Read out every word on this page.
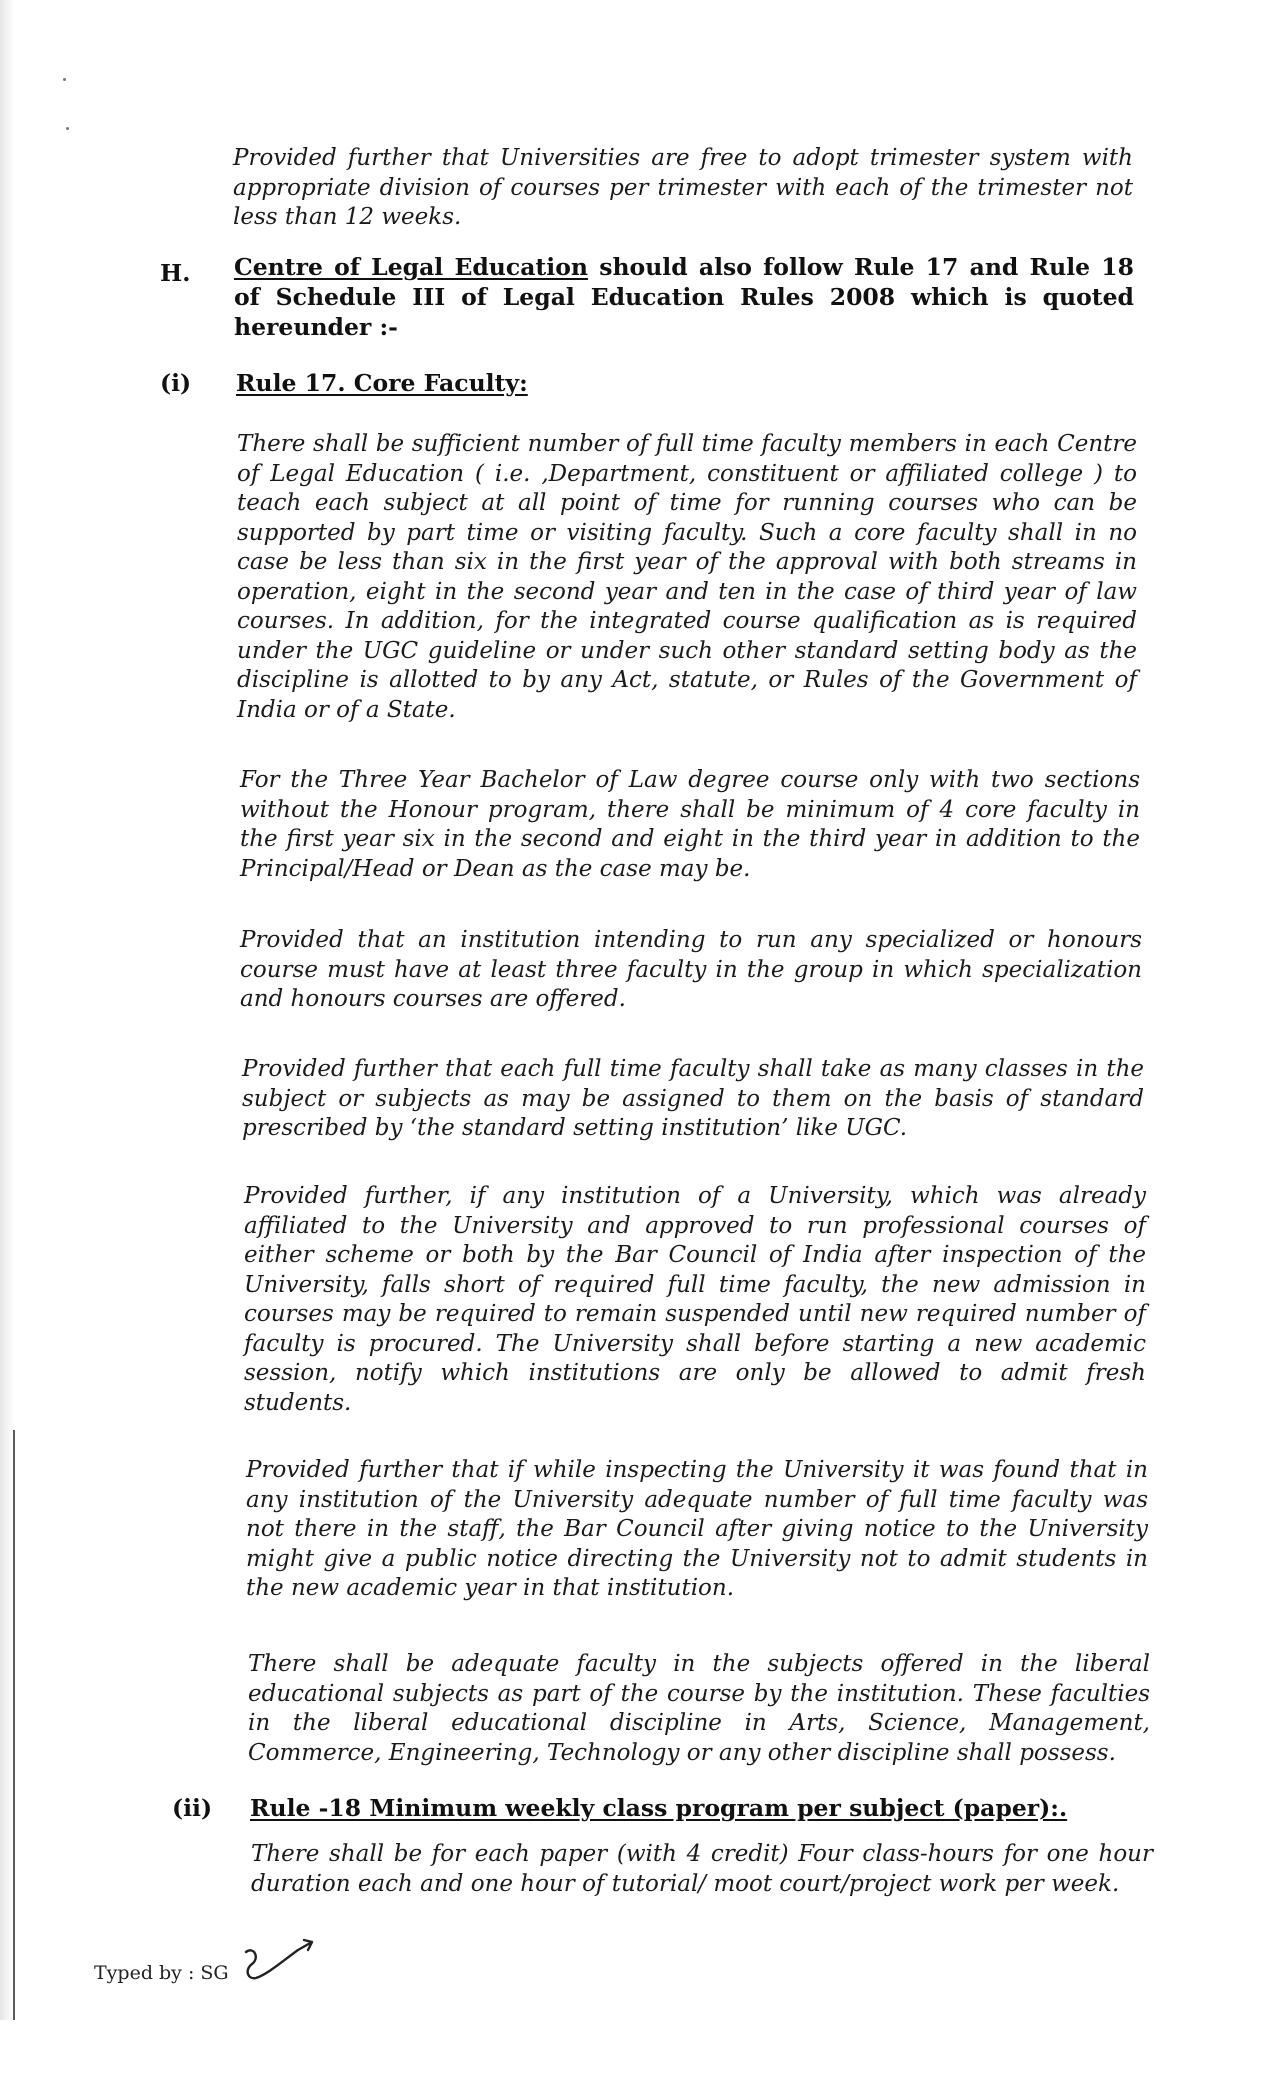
Provided further that Universities are free to adopt trimester system with appropriate division of courses per trimester with each of the trimester not less than 12 weeks.

H. Centre of Legal Education should also follow Rule 17 and Rule 18 of Schedule III of Legal Education Rules 2008 which is quoted hereunder :-

(i) Rule 17. Core Faculty:

There shall be sufficient number of full time faculty members in each Centre of Legal Education ( i.e. ,Department, constituent or affiliated college ) to teach each subject at all point of time for running courses who can be supported by part time or visiting faculty. Such a core faculty shall in no case be less than six in the first year of the approval with both streams in operation, eight in the second year and ten in the case of third year of law courses. In addition, for the integrated course qualification as is required under the UGC guideline or under such other standard setting body as the discipline is allotted to by any Act, statute, or Rules of the Government of India or of a State.

For the Three Year Bachelor of Law degree course only with two sections without the Honour program, there shall be minimum of 4 core faculty in the first year six in the second and eight in the third year in addition to the Principal/Head or Dean as the case may be.

Provided that an institution intending to run any specialized or honours course must have at least three faculty in the group in which specialization and honours courses are offered.

Provided further that each full time faculty shall take as many classes in the subject or subjects as may be assigned to them on the basis of standard prescribed by ‘the standard setting institution’ like UGC.

Provided further, if any institution of a University, which was already affiliated to the University and approved to run professional courses of either scheme or both by the Bar Council of India after inspection of the University, falls short of required full time faculty, the new admission in courses may be required to remain suspended until new required number of faculty is procured. The University shall before starting a new academic session, notify which institutions are only be allowed to admit fresh students.

Provided further that if while inspecting the University it was found that in any institution of the University adequate number of full time faculty was not there in the staff, the Bar Council after giving notice to the University might give a public notice directing the University not to admit students in the new academic year in that institution.

There shall be adequate faculty in the subjects offered in the liberal educational subjects as part of the course by the institution. These faculties in the liberal educational discipline in Arts, Science, Management, Commerce, Engineering, Technology or any other discipline shall possess.

(ii) Rule -18 Minimum weekly class program per subject (paper):.

There shall be for each paper (with 4 credit) Four class-hours for one hour duration each and one hour of tutorial/ moot court/project work per week.

Typed by : SG
